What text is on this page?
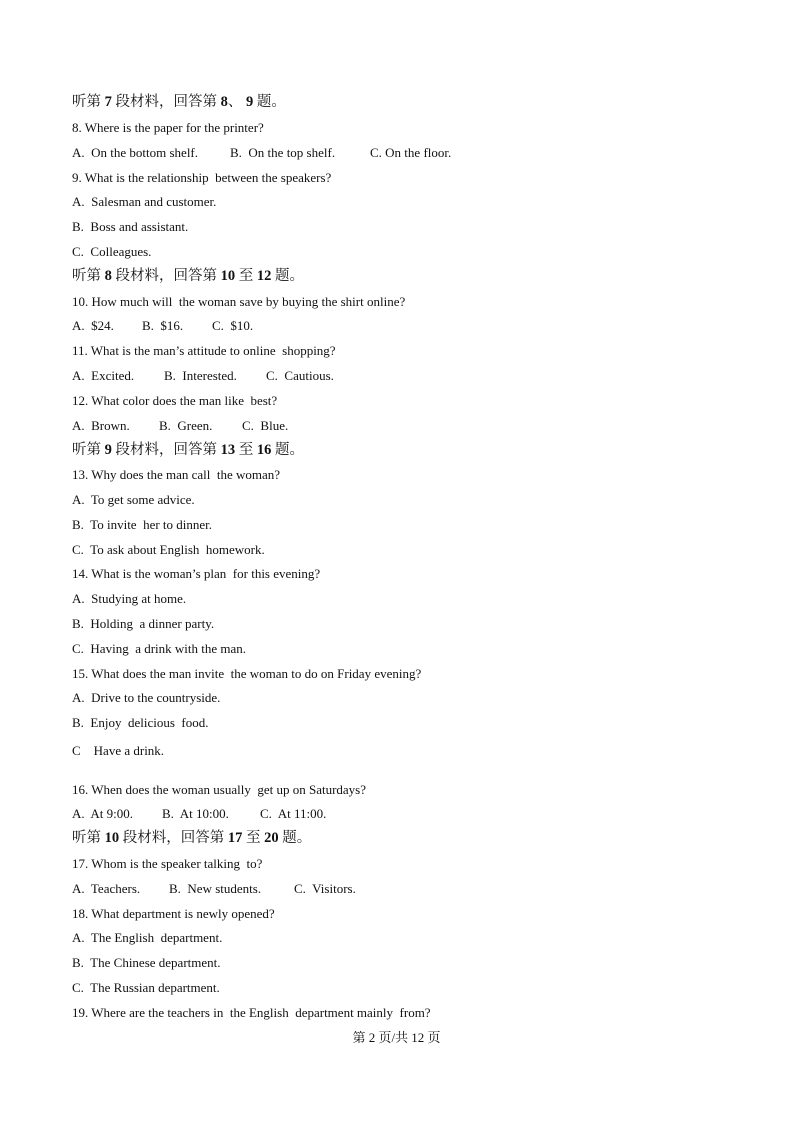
听第 7 段材料，回答第 8、 9 题。
8. Where is the paper for the printer?
A.  On the bottom shelf. B.  On the top shelf.	C. On the floor.
9. What is the relationship  between the speakers?
A.  Salesman and customer.
B.  Boss and assistant.
C.  Colleagues.
听第 8 段材料，回答第 10 至 12 题。
10. How much will  the woman save by buying the shirt online?
A.  $24. B.  $16. C.  $10.
11. What is the man’s attitude to online  shopping?
A.  Excited. B.  Interested. C.  Cautious.
12. What color does the man like  best?
A.  Brown. B.  Green. C.  Blue.
听第 9 段材料，回答第 13 至 16 题。
13. Why does the man call  the woman?
A.  To get some advice.
B.  To invite  her to dinner.
C.  To ask about English  homework.
14. What is the woman’s plan  for this evening?
A.  Studying at home.
B.  Holding  a dinner party.
C.  Having  a drink with the man.
15. What does the man invite  the woman to do on Friday evening?
A.  Drive to the countryside.
B.  Enjoy  delicious  food.
C    Have a drink.
16. When does the woman usually  get up on Saturdays?
A.  At 9:00. B.  At 10:00. C.  At 11:00.
听第 10 段材料，回答第 17 至 20 题。
17. Whom is the speaker talking  to?
A.  Teachers. B.  New students.	C.  Visitors.
18. What department is newly opened?
A.  The English  department.
B.  The Chinese department.
C.  The Russian department.
19. Where are the teachers in  the English  department mainly  from?
第 2 页/共 12 页
